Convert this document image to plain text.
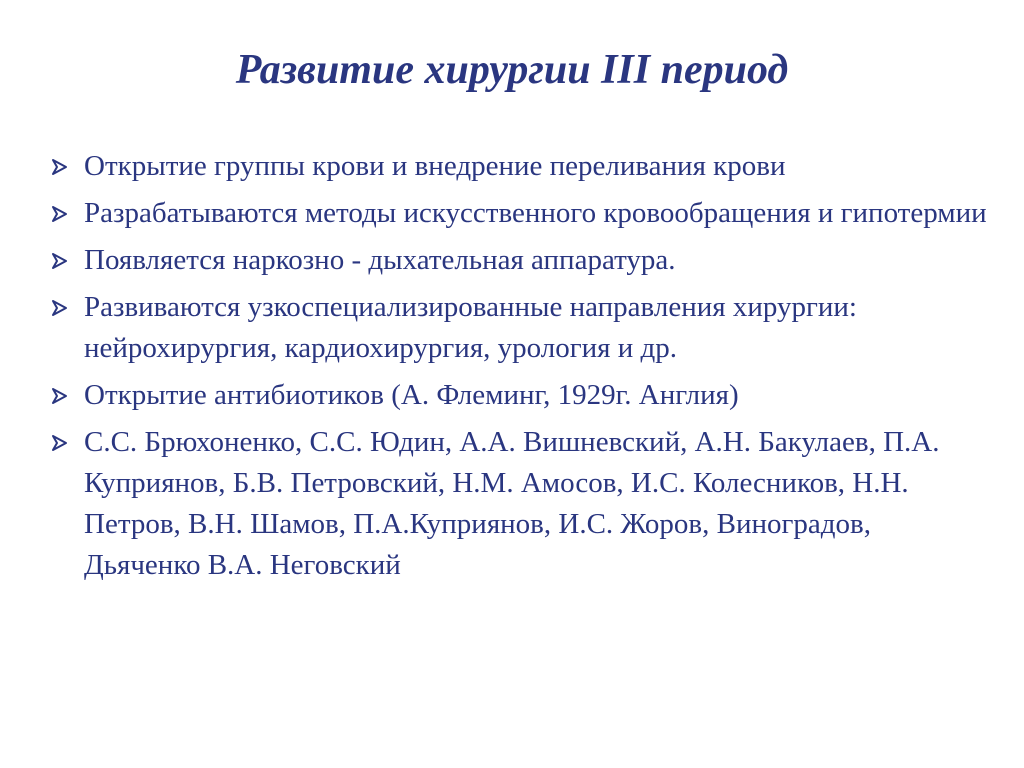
Развитие хирургии III период
Открытие группы крови и внедрение переливания крови
Разрабатываются методы искусственного кровообращения и гипотермии
Появляется наркозно - дыхательная аппаратура.
Развиваются узкоспециализированные направления хирургии: нейрохирургия, кардиохирургия, урология и др.
Открытие антибиотиков (А. Флеминг, 1929г. Англия)
С.С. Брюхоненко, С.С. Юдин, А.А. Вишневский, А.Н. Бакулаев, П.А. Куприянов, Б.В. Петровский, Н.М. Амосов, И.С. Колесников, Н.Н. Петров, В.Н. Шамов, П.А.Куприянов, И.С. Жоров, Виноградов, Дьяченко В.А. Неговский
